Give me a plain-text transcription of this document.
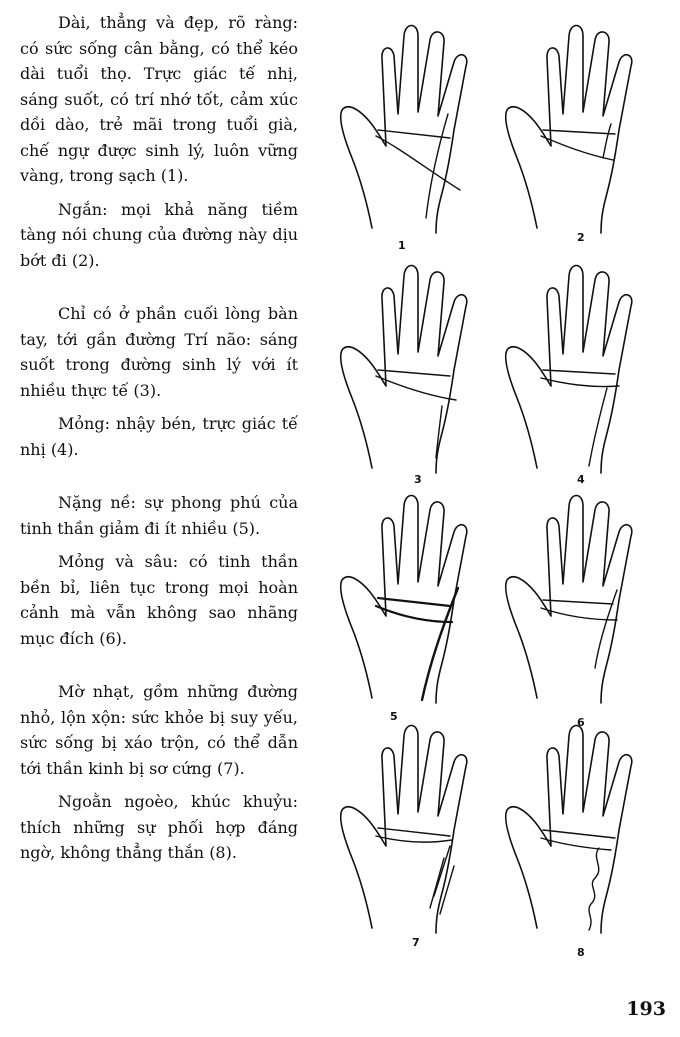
Dài, thẳng và đẹp, rõ ràng: có sức sống cân bằng, có thể kéo dài tuổi thọ. Trực giác tế nhị, sáng suốt, có trí nhớ tốt, cảm xúc dồi dào, trẻ mãi trong tuổi già, chế ngự được sinh lý, luôn vững vàng, trong sạch (1).

Ngắn: mọi khả năng tiềm tàng nói chung của đường này dịu bớt đi (2).

Chỉ có ở phần cuối lòng bàn tay, tới gần đường Trí não: sáng suốt trong đường sinh lý với ít nhiều thực tế (3).

Mỏng: nhậy bén, trực giác tế nhị (4).

Nặng nề: sự phong phú của tinh thần giảm đi ít nhiều (5).

Mỏng và sâu: có tinh thần bền bỉ, liên tục trong mọi hoàn cảnh mà vẫn không sao nhãng mục đích (6).

Mờ nhạt, gồm những đường nhỏ, lộn xộn: sức khỏe bị suy yếu, sức sống bị xáo trộn, có thể dẫn tới thần kinh bị sơ cứng (7).

Ngoằn ngoèo, khúc khuỷu: thích những sự phối hợp đáng ngờ, không thẳng thắn (8).

1
2
3	4
5	6
7
8
193
